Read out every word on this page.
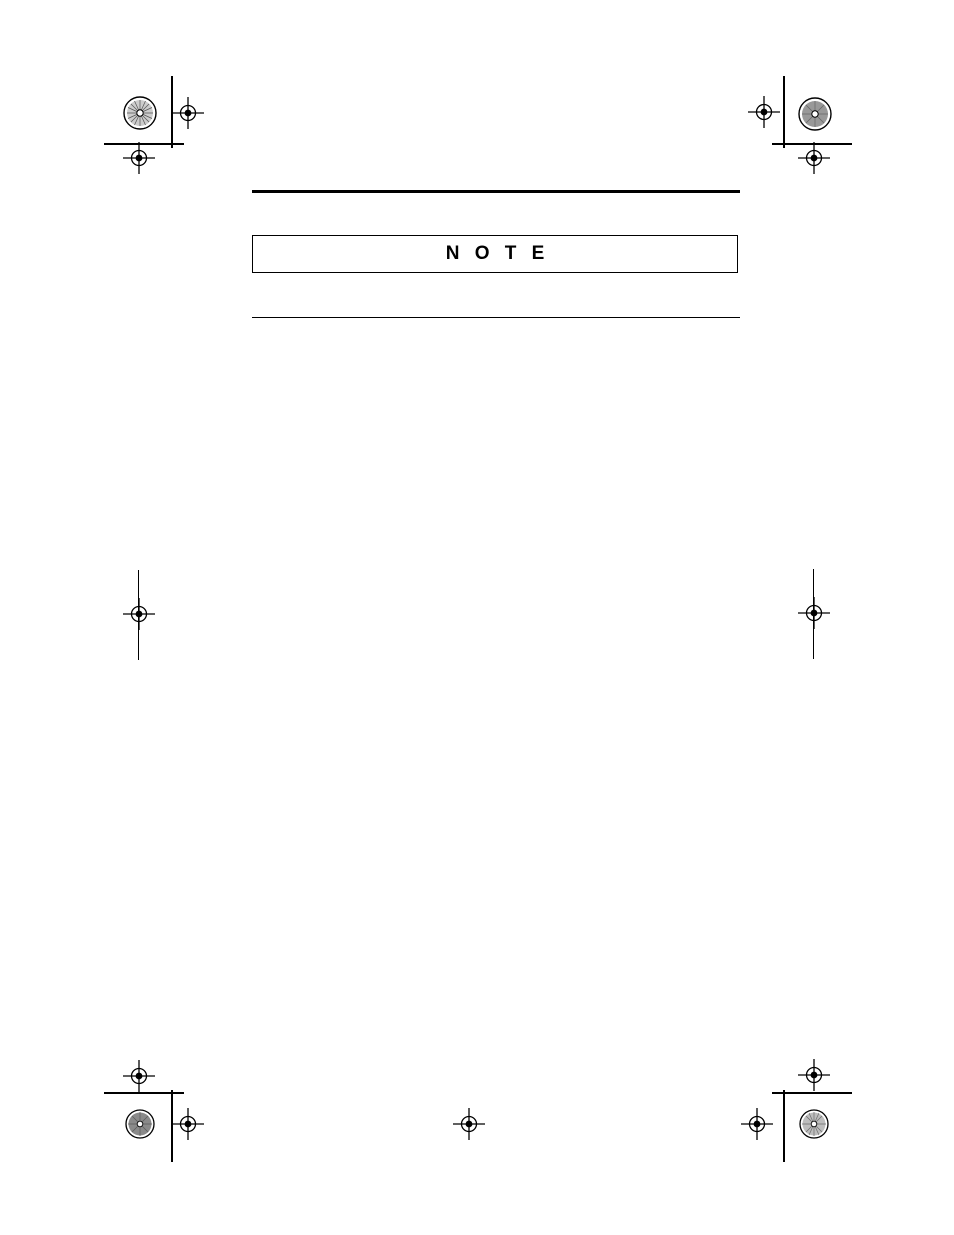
N O T E
